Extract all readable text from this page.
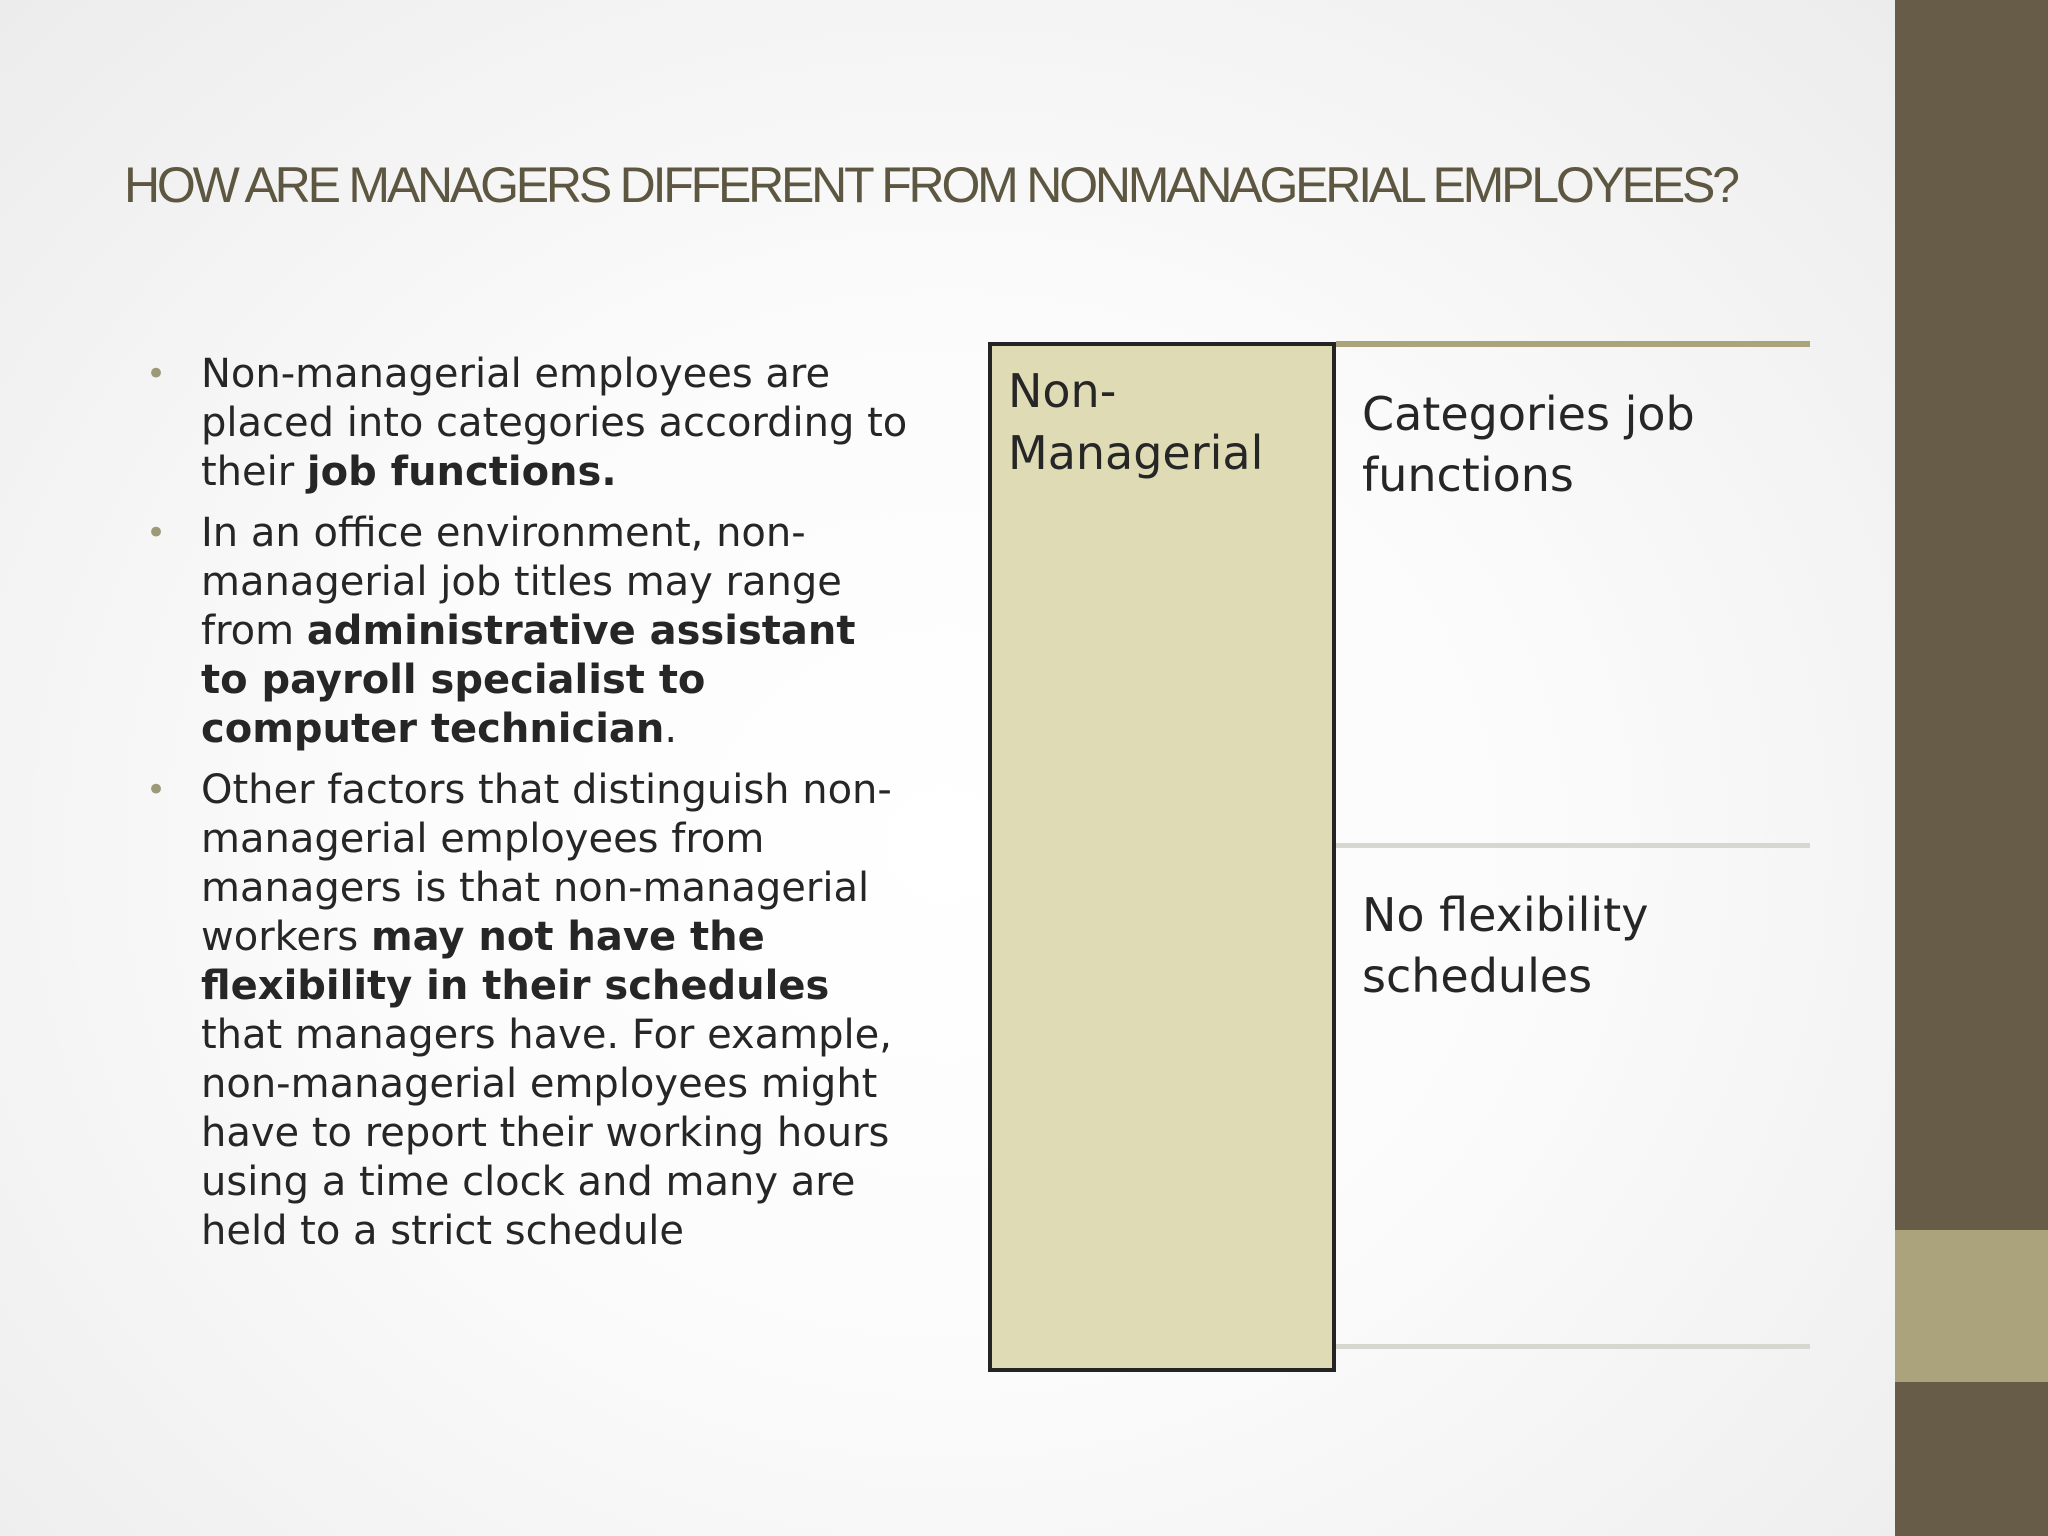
HOW ARE MANAGERS DIFFERENT FROM NONMANAGERIAL EMPLOYEES?
• Non-managerial employees are placed into categories according to their job functions.
• In an office environment, non-managerial job titles may range from administrative assistant to payroll specialist to computer technician.
• Other factors that distinguish non-managerial employees from managers is that non-managerial workers may not have the flexibility in their schedules that managers have. For example, non-managerial employees might have to report their working hours using a time clock and many are held to a strict schedule
Non-Managerial
Categories job functions
No flexibility schedules
